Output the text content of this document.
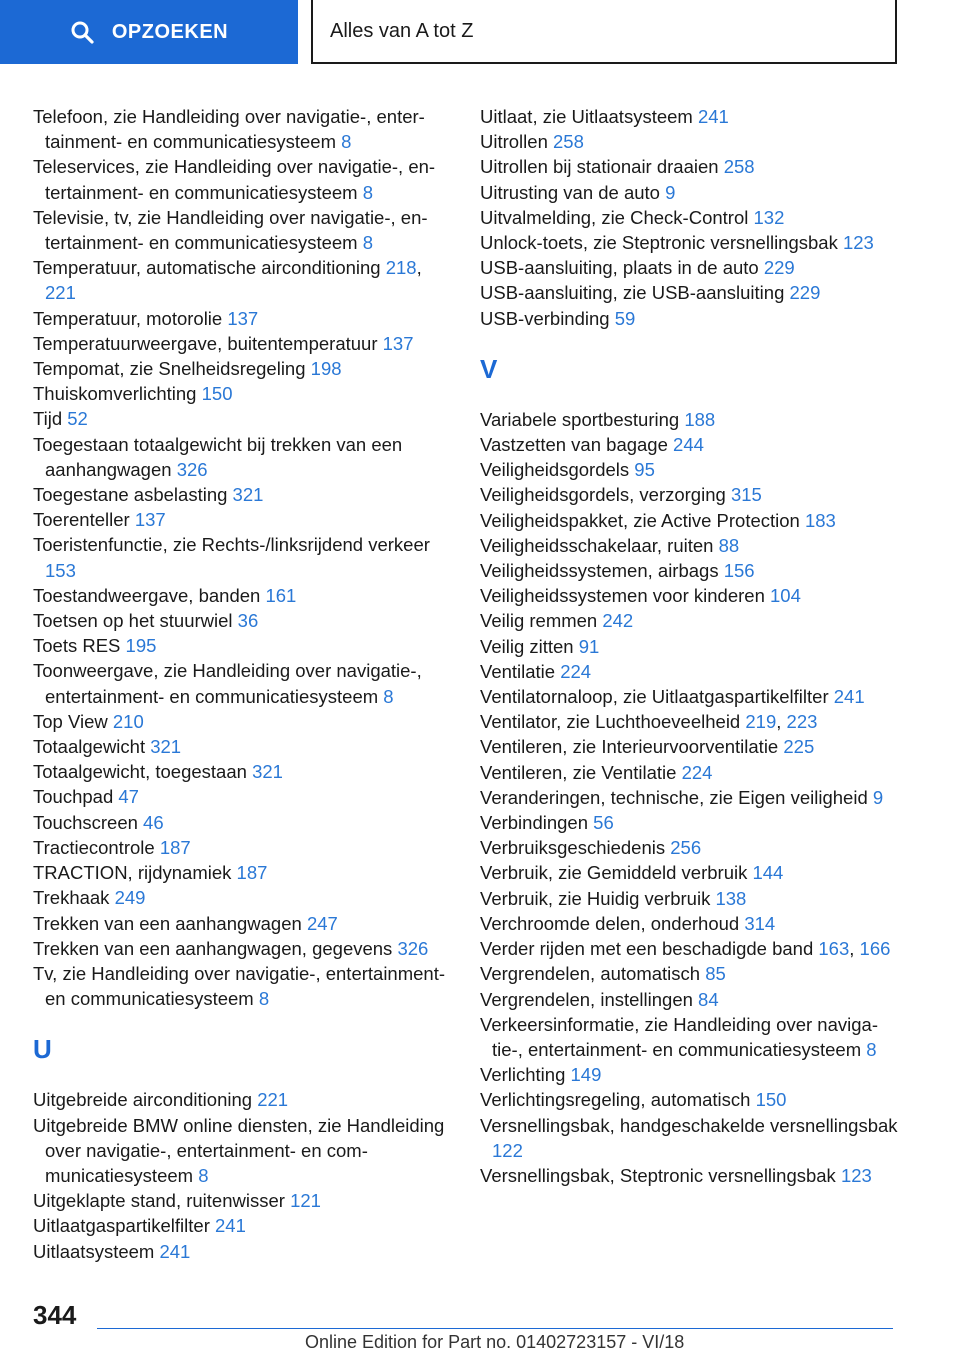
OPZOEKEN	Alles van A tot Z
Telefoon, zie Handleiding over navigatie-, entertainment- en communicatiesysteem 8
Teleservices, zie Handleiding over navigatie-, entertainment- en communicatiesysteem 8
Televisie, tv, zie Handleiding over navigatie-, entertainment- en communicatiesysteem 8
Temperatuur, automatische airconditioning 218, 221
Temperatuur, motorolie 137
Temperatuurweergave, buitentemperatuur 137
Tempomat, zie Snelheidsregeling 198
Thuiskomverlichting 150
Tijd 52
Toegestaan totaalgewicht bij trekken van een aanhangwagen 326
Toegestane asbelasting 321
Toerenteller 137
Toeristenfunctie, zie Rechts-/linksrijdend verkeer 153
Toestandweergave, banden 161
Toetsen op het stuurwiel 36
Toets RES 195
Toonweergave, zie Handleiding over navigatie-, entertainment- en communicatiesysteem 8
Top View 210
Totaalgewicht 321
Totaalgewicht, toegestaan 321
Touchpad 47
Touchscreen 46
Tractiecontrole 187
TRACTION, rijdynamiek 187
Trekhaak 249
Trekken van een aanhangwagen 247
Trekken van een aanhangwagen, gegevens 326
Tv, zie Handleiding over navigatie-, entertainment- en communicatiesysteem 8
U
Uitgebreide airconditioning 221
Uitgebreide BMW online diensten, zie Handleiding over navigatie-, entertainment- en communicatiesysteem 8
Uitgeklapte stand, ruitenwisser 121
Uitlaatgaspartikelfilter 241
Uitlaatsysteem 241
Uitlaat, zie Uitlaatsysteem 241
Uitrollen 258
Uitrollen bij stationair draaien 258
Uitrusting van de auto 9
Uitvalmelding, zie Check-Control 132
Unlock-toets, zie Steptronic versnellingsbak 123
USB-aansluiting, plaats in de auto 229
USB-aansluiting, zie USB-aansluiting 229
USB-verbinding 59
V
Variabele sportbesturing 188
Vastzetten van bagage 244
Veiligheidsgordels 95
Veiligheidsgordels, verzorging 315
Veiligheidspakket, zie Active Protection 183
Veiligheidsschakelaar, ruiten 88
Veiligheidssystemen, airbags 156
Veiligheidssystemen voor kinderen 104
Veilig remmen 242
Veilig zitten 91
Ventilatie 224
Ventilatornaloop, zie Uitlaatgaspartikelfilter 241
Ventilator, zie Luchthoeveelheid 219, 223
Ventileren, zie Interieurvoorventilatie 225
Ventileren, zie Ventilatie 224
Veranderingen, technische, zie Eigen veiligheid 9
Verbindingen 56
Verbruiksgeschiedenis 256
Verbruik, zie Gemiddeld verbruik 144
Verbruik, zie Huidig verbruik 138
Verchroomde delen, onderhoud 314
Verder rijden met een beschadigde band 163, 166
Vergrendelen, automatisch 85
Vergrendelen, instellingen 84
Verkeersinformatie, zie Handleiding over navigatie-, entertainment- en communicatiesysteem 8
Verlichting 149
Verlichtingsregeling, automatisch 150
Versnellingsbak, handgeschakelde versnellingsbak 122
Versnellingsbak, Steptronic versnellingsbak 123
344
Online Edition for Part no. 01402723157 - VI/18
